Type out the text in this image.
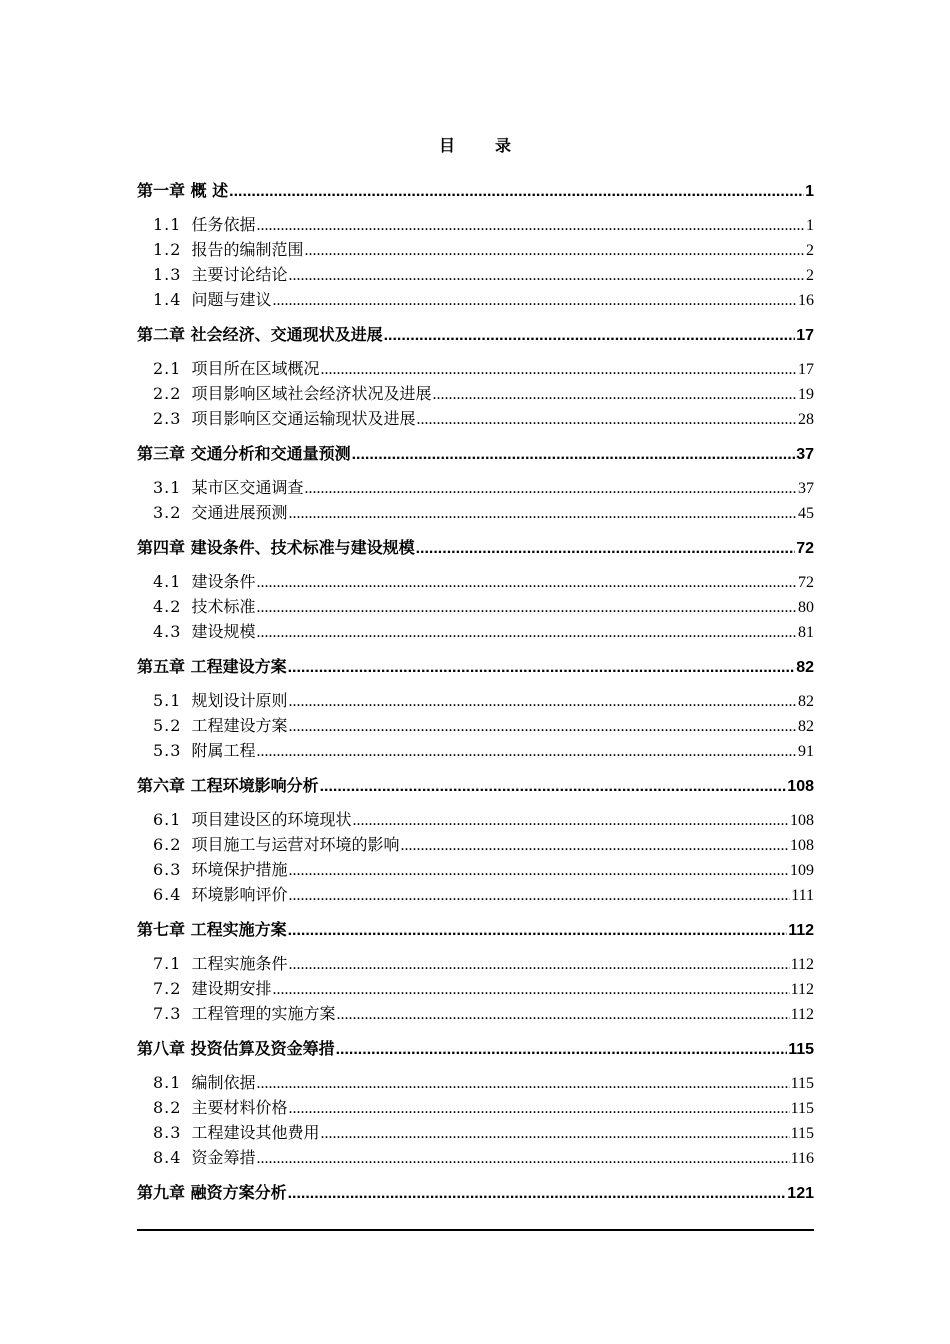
目录
第一章 概 述 .....	1
1.1 任务依据 .....	1
1.2 报告的编制范围 .....	2
1.3 主要讨论结论 .....	2
1.4 问题与建议 .....	16
第二章 社会经济、交通现状及进展 .....	17
2.1 项目所在区域概况 .....	17
2.2 项目影响区域社会经济状况及进展 .....	19
2.3 项目影响区交通运输现状及进展 .....	28
第三章 交通分析和交通量预测 .....	37
3.1 某市区交通调查 .....	37
3.2 交通进展预测 .....	45
第四章 建设条件、技术标准与建设规模 .....	72
4.1 建设条件 .....	72
4.2 技术标准 .....	80
4.3 建设规模 .....	81
第五章 工程建设方案 .....	82
5.1 规划设计原则 .....	82
5.2 工程建设方案 .....	82
5.3 附属工程 .....	91
第六章 工程环境影响分析 .....	108
6.1 项目建设区的环境现状 .....	108
6.2 项目施工与运营对环境的影响 .....	108
6.3 环境保护措施 .....	109
6.4 环境影响评价 .....	111
第七章 工程实施方案 .....	112
7.1 工程实施条件 .....	112
7.2 建设期安排 .....	112
7.3 工程管理的实施方案 .....	112
第八章 投资估算及资金筹措 .....	115
8.1 编制依据 .....	115
8.2 主要材料价格 .....	115
8.3 工程建设其他费用 .....	115
8.4 资金筹措 .....	116
第九章 融资方案分析 .....	121
